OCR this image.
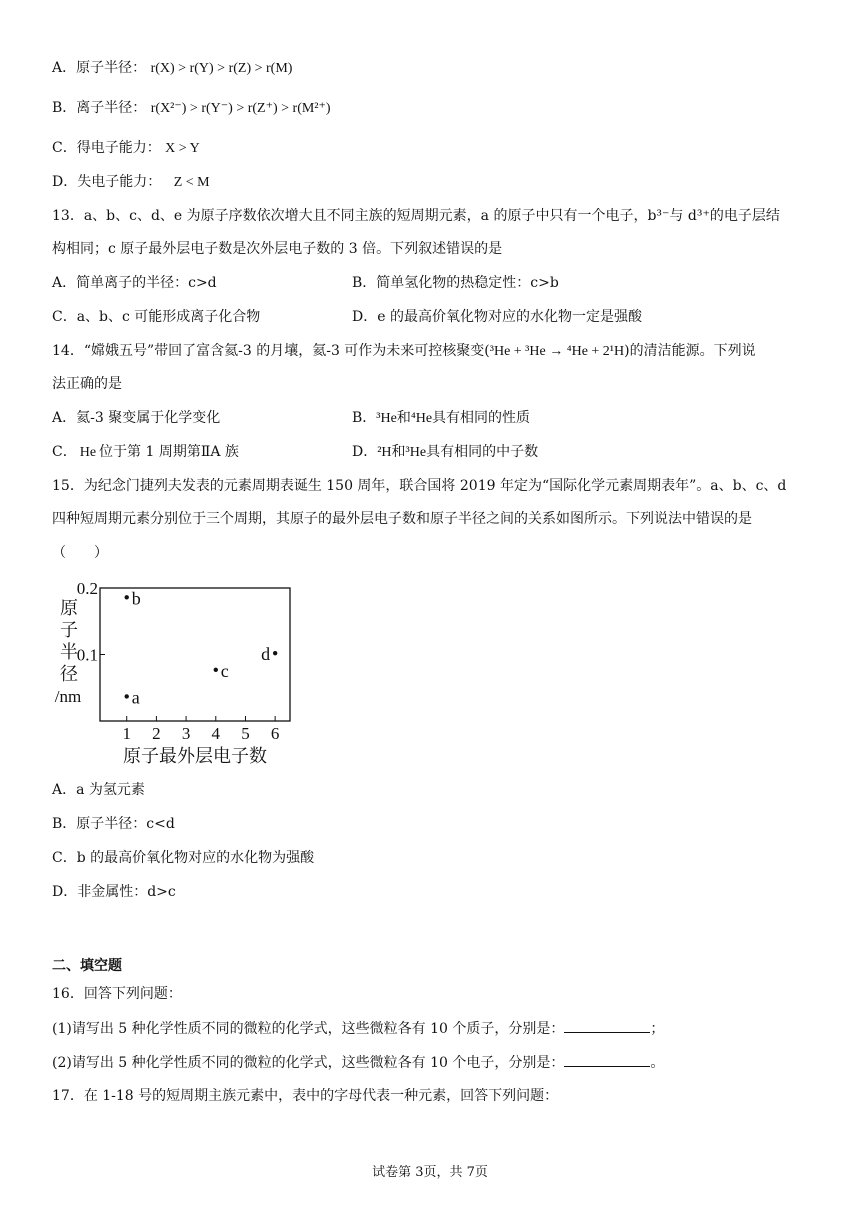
A．原子半径： r(X) > r(Y) > r(Z) > r(M)
B．离子半径： r(X²⁻) > r(Y⁻) > r(Z⁺) > r(M²⁺)
C．得电子能力： X > Y
D．失电子能力： Z < M
13．a、b、c、d、e 为原子序数依次增大且不同主族的短周期元素，a 的原子中只有一个电子，b³⁻与 d³⁺的电子层结
构相同；c 原子最外层电子数是次外层电子数的 3 倍。下列叙述错误的是
A．简单离子的半径：c>d	B．简单氢化物的热稳定性：c>b
C．a、b、c 可能形成离子化合物	D．e 的最高价氧化物对应的水化物一定是强酸
14．“嫦娥五号”带回了富含氦-3 的月壤，氦-3 可作为未来可控核聚变(³He + ³He → ⁴He + 2¹H)的清洁能源。下列说
法正确的是
A．氦-3 聚变属于化学变化	B．³He和⁴He具有相同的性质
C． He 位于第 1 周期第ⅡA 族	D．²H和³He具有相同的中子数
15．为纪念门捷列夫发表的元素周期表诞生 150 周年，联合国将 2019 年定为“国际化学元素周期表年”。a、b、c、d
四种短周期元素分别位于三个周期，其原子的最外层电子数和原子半径之间的关系如图所示。下列说法中错误的是
（　　）
原
子
半
径
/nm
0.1
0.2
1 2 3 4 5 6
b
a
c
d
原子最外层电子数
A．a 为氢元素
B．原子半径：c<d
C．b 的最高价氧化物对应的水化物为强酸
D．非金属性：d>c
二、填空题
16．回答下列问题：
(1)请写出 5 种化学性质不同的微粒的化学式，这些微粒各有 10 个质子，分别是：	；
(2)请写出 5 种化学性质不同的微粒的化学式，这些微粒各有 10 个电子，分别是：	。
17．在 1-18 号的短周期主族元素中，表中的字母代表一种元素，回答下列问题：
试卷第 3页，共 7页
